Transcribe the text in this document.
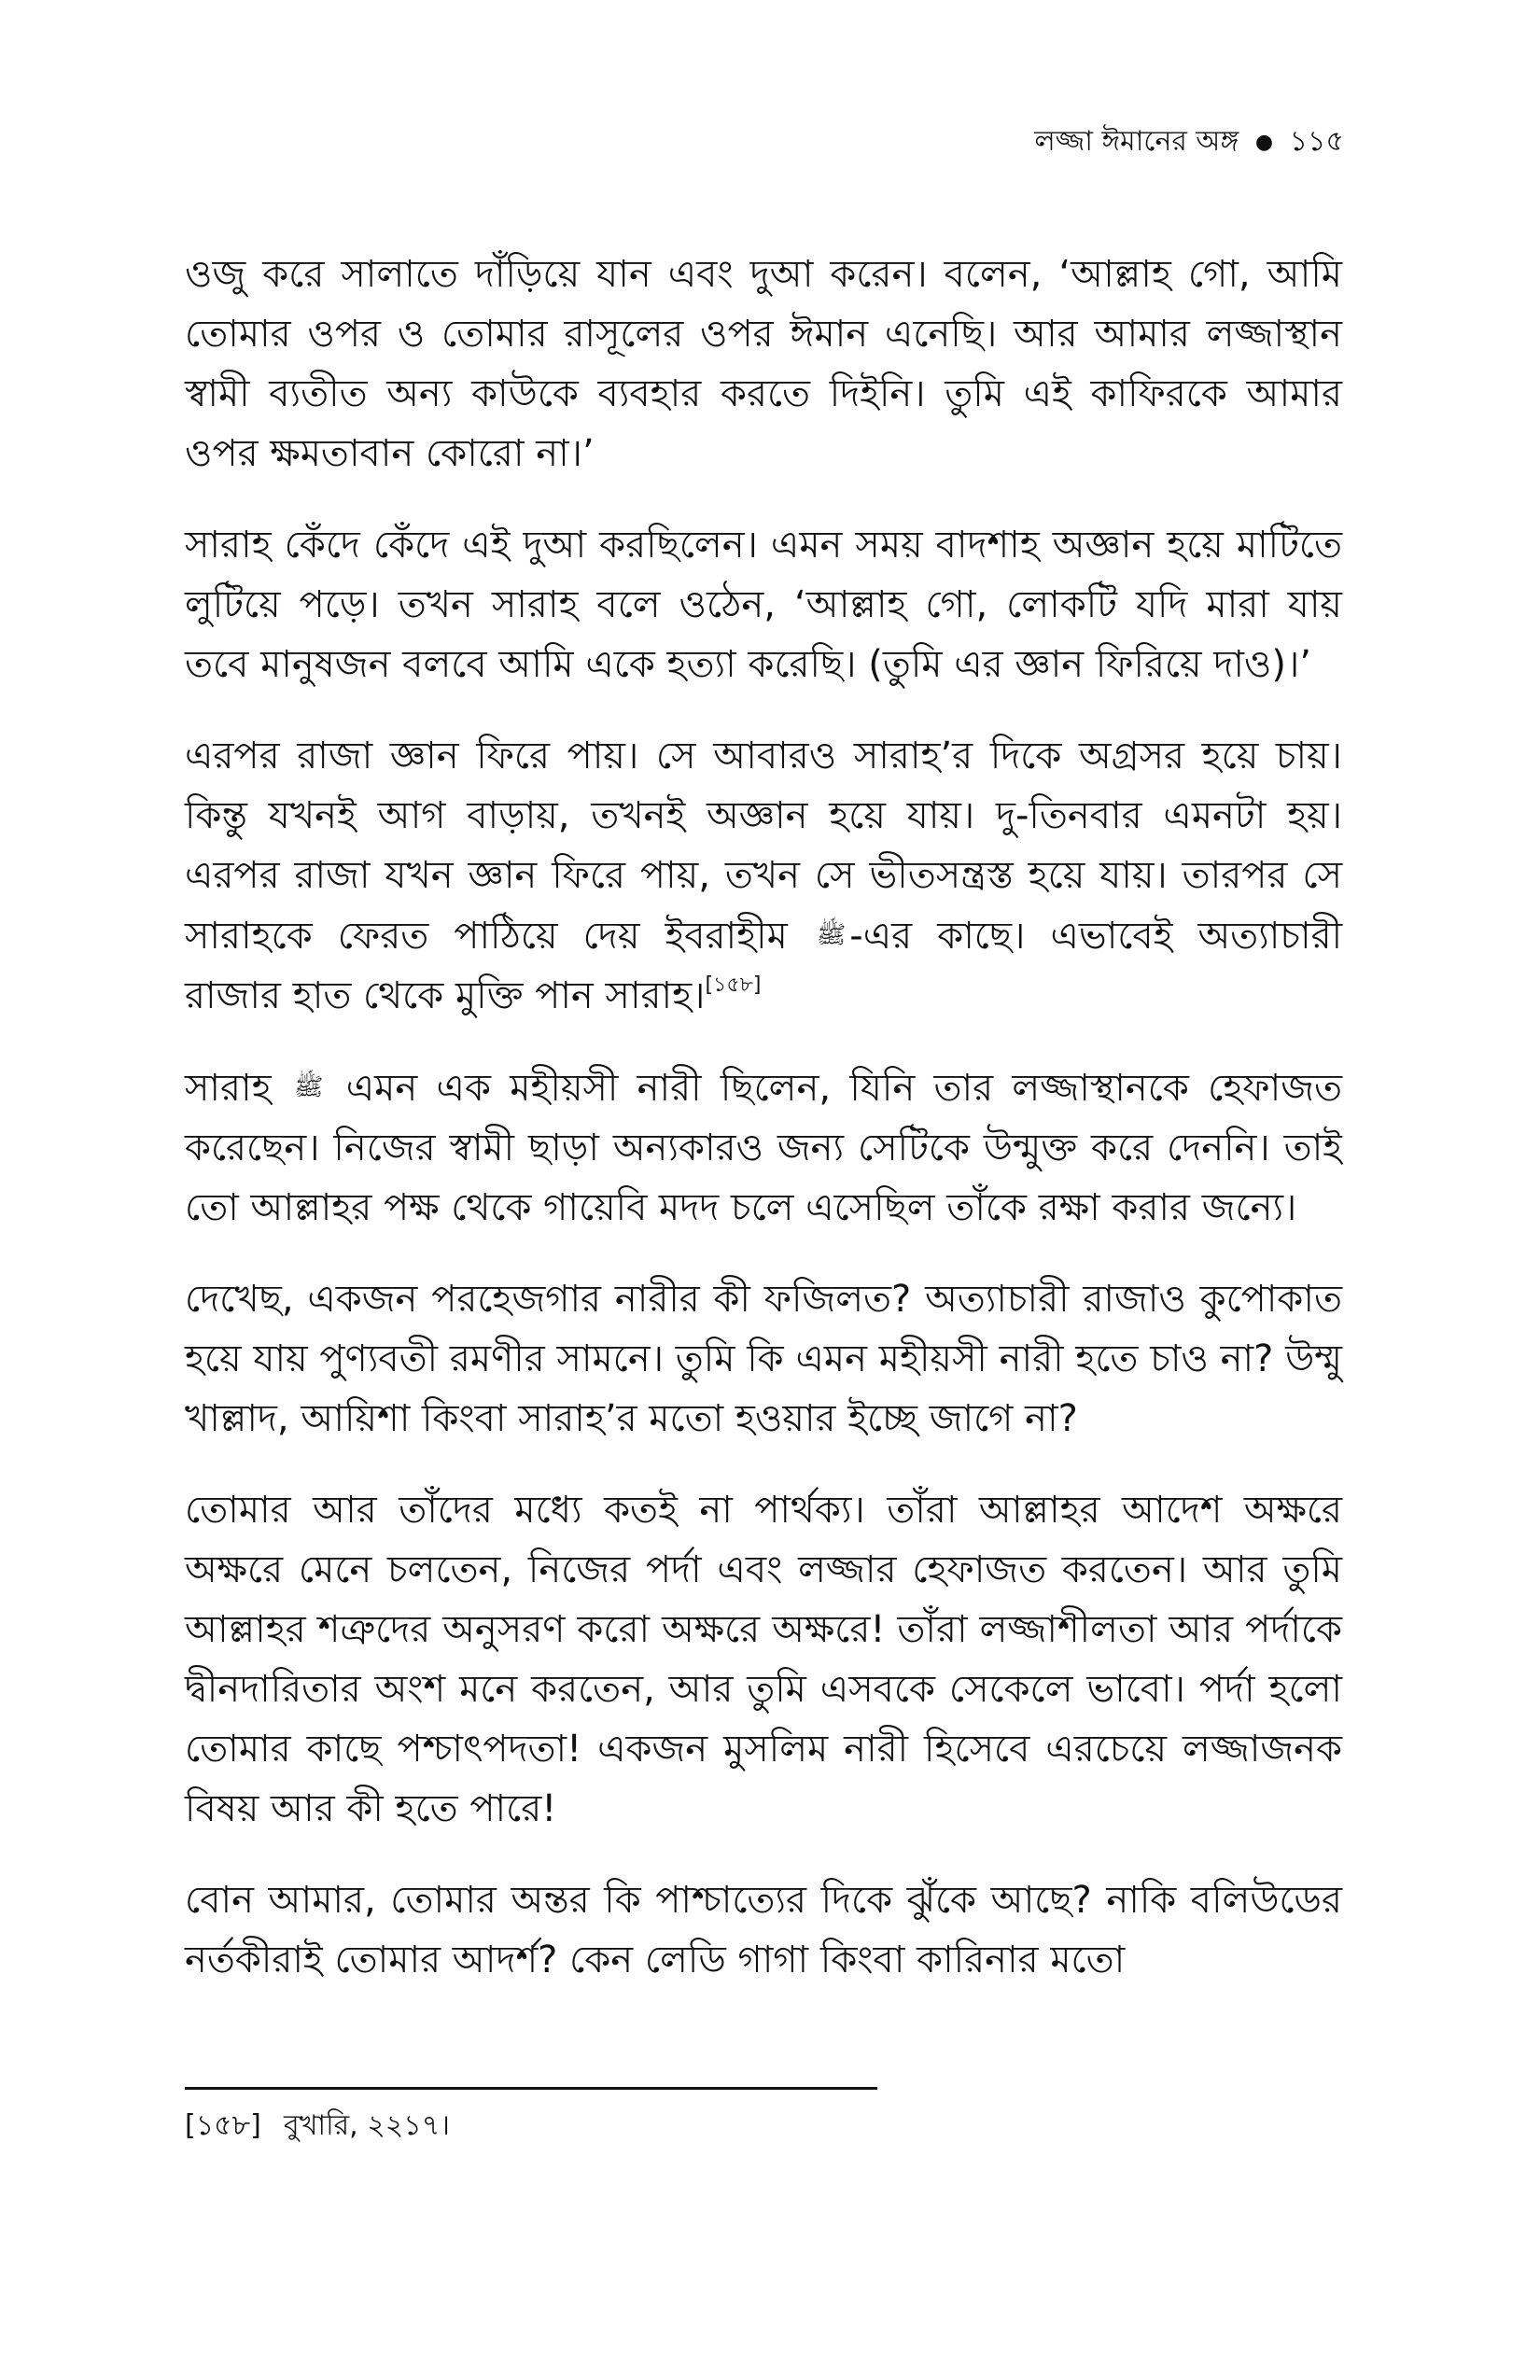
লজ্জা ঈমানের অঙ্গ ● ১১৫

ওজু করে সালাতে দাঁড়িয়ে যান এবং দুআ করেন। বলেন, ‘আল্লাহ গো, আমি তোমার ওপর ও তোমার রাসূলের ওপর ঈমান এনেছি। আর আমার লজ্জাস্থান স্বামী ব্যতীত অন্য কাউকে ব্যবহার করতে দিইনি। তুমি এই কাফিরকে আমার ওপর ক্ষমতাবান কোরো না।’

সারাহ কেঁদে কেঁদে এই দুআ করছিলেন। এমন সময় বাদশাহ অজ্ঞান হয়ে মাটিতে লুটিয়ে পড়ে। তখন সারাহ বলে ওঠেন, ‘আল্লাহ গো, লোকটি যদি মারা যায় তবে মানুষজন বলবে আমি একে হত্যা করেছি। (তুমি এর জ্ঞান ফিরিয়ে দাও)।’

এরপর রাজা জ্ঞান ফিরে পায়। সে আবারও সারাহ’র দিকে অগ্রসর হয়ে চায়। কিন্তু যখনই আগ বাড়ায়, তখনই অজ্ঞান হয়ে যায়। দু-তিনবার এমনটা হয়। এরপর রাজা যখন জ্ঞান ফিরে পায়, তখন সে ভীতসন্ত্রস্ত হয়ে যায়। তারপর সে সারাহকে ফেরত পাঠিয়ে দেয় ইবরাহীম ﷺ -এর কাছে। এভাবেই অত্যাচারী রাজার হাত থেকে মুক্তি পান সারাহ।[১৫৮]

সারাহ ﷺ এমন এক মহীয়সী নারী ছিলেন, যিনি তার লজ্জাস্থানকে হেফাজত করেছেন। নিজের স্বামী ছাড়া অন্যকারও জন্য সেটিকে উন্মুক্ত করে দেননি। তাই তো আল্লাহর পক্ষ থেকে গায়েবি মদদ চলে এসেছিল তাঁকে রক্ষা করার জন্যে।

দেখেছ, একজন পরহেজগার নারীর কী ফজিলত? অত্যাচারী রাজাও কুপোকাত হয়ে যায় পুণ্যবতী রমণীর সামনে। তুমি কি এমন মহীয়সী নারী হতে চাও না? উম্মু খাল্লাদ, আয়িশা কিংবা সারাহ’র মতো হওয়ার ইচ্ছে জাগে না?

তোমার আর তাঁদের মধ্যে কতই না পার্থক্য। তাঁরা আল্লাহর আদেশ অক্ষরে অক্ষরে মেনে চলতেন, নিজের পর্দা এবং লজ্জার হেফাজত করতেন। আর তুমি আল্লাহর শত্রুদের অনুসরণ করো অক্ষরে অক্ষরে! তাঁরা লজ্জাশীলতা আর পর্দাকে দ্বীনদারিতার অংশ মনে করতেন, আর তুমি এসবকে সেকেলে ভাবো। পর্দা হলো তোমার কাছে পশ্চাৎপদতা! একজন মুসলিম নারী হিসেবে এরচেয়ে লজ্জাজনক বিষয় আর কী হতে পারে!

বোন আমার, তোমার অন্তর কি পাশ্চাত্যের দিকে ঝুঁকে আছে? নাকি বলিউডের নর্তকীরাই তোমার আদর্শ? কেন লেডি গাগা কিংবা কারিনার মতো

[১৫৮] বুখারি, ২২১৭।
